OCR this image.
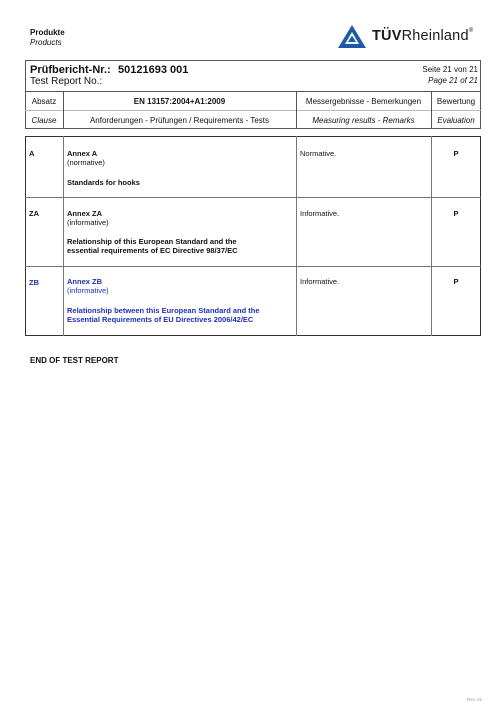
Produkte
Products	TÜVRheinland®
Prüfbericht-Nr.: 50121693 001
Test Report No.:
Seite 21 von 21
Page 21 of 21
Absatz	EN 13157:2004+A1:2009	Messergebnisse - Bemerkungen	Bewertung
Clause	Anforderungen - Prüfungen / Requirements - Tests	Measuring results - Remarks	Evaluation
A	Annex A
(normative)
Standards for hooks
Normative.	P
ZA	Annex ZA
(informative)
Relationship of this European Standard and the
essential requirements of EC Directive 98/37/EC
Informative.	P
ZB	Annex ZB
(informative)
Relationship between this European Standard and the
Essential Requirements of EU Directives 2006/42/EC
Informative.	P
END OF TEST REPORT
Rev. 01
